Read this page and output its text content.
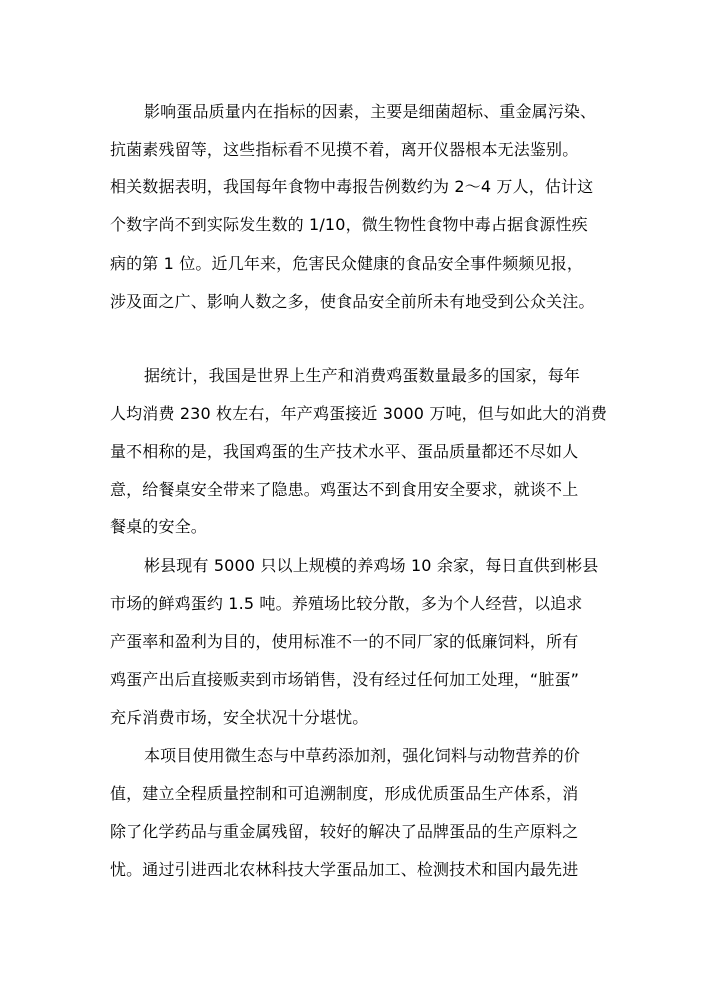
影响蛋品质量内在指标的因素，主要是细菌超标、重金属污染、
抗菌素残留等，这些指标看不见摸不着，离开仪器根本无法鉴别。
相关数据表明，我国每年食物中毒报告例数约为 2～4 万人，估计这
个数字尚不到实际发生数的 1/10，微生物性食物中毒占据食源性疾
病的第 1 位。近几年来，危害民众健康的食品安全事件频频见报，
涉及面之广、影响人数之多，使食品安全前所未有地受到公众关注。
据统计，我国是世界上生产和消费鸡蛋数量最多的国家，每年
人均消费 230 枚左右，年产鸡蛋接近 3000 万吨，但与如此大的消费
量不相称的是，我国鸡蛋的生产技术水平、蛋品质量都还不尽如人
意，给餐桌安全带来了隐患。鸡蛋达不到食用安全要求，就谈不上
餐桌的安全。
彬县现有 5000 只以上规模的养鸡场 10 余家，每日直供到彬县
市场的鲜鸡蛋约 1.5 吨。养殖场比较分散，多为个人经营，以追求
产蛋率和盈利为目的，使用标准不一的不同厂家的低廉饲料，所有
鸡蛋产出后直接贩卖到市场销售，没有经过任何加工处理，“脏蛋”
充斥消费市场，安全状况十分堪忧。
本项目使用微生态与中草药添加剂，强化饲料与动物营养的价
值，建立全程质量控制和可追溯制度，形成优质蛋品生产体系，消
除了化学药品与重金属残留，较好的解决了品牌蛋品的生产原料之
忧。通过引进西北农林科技大学蛋品加工、检测技术和国内最先进
